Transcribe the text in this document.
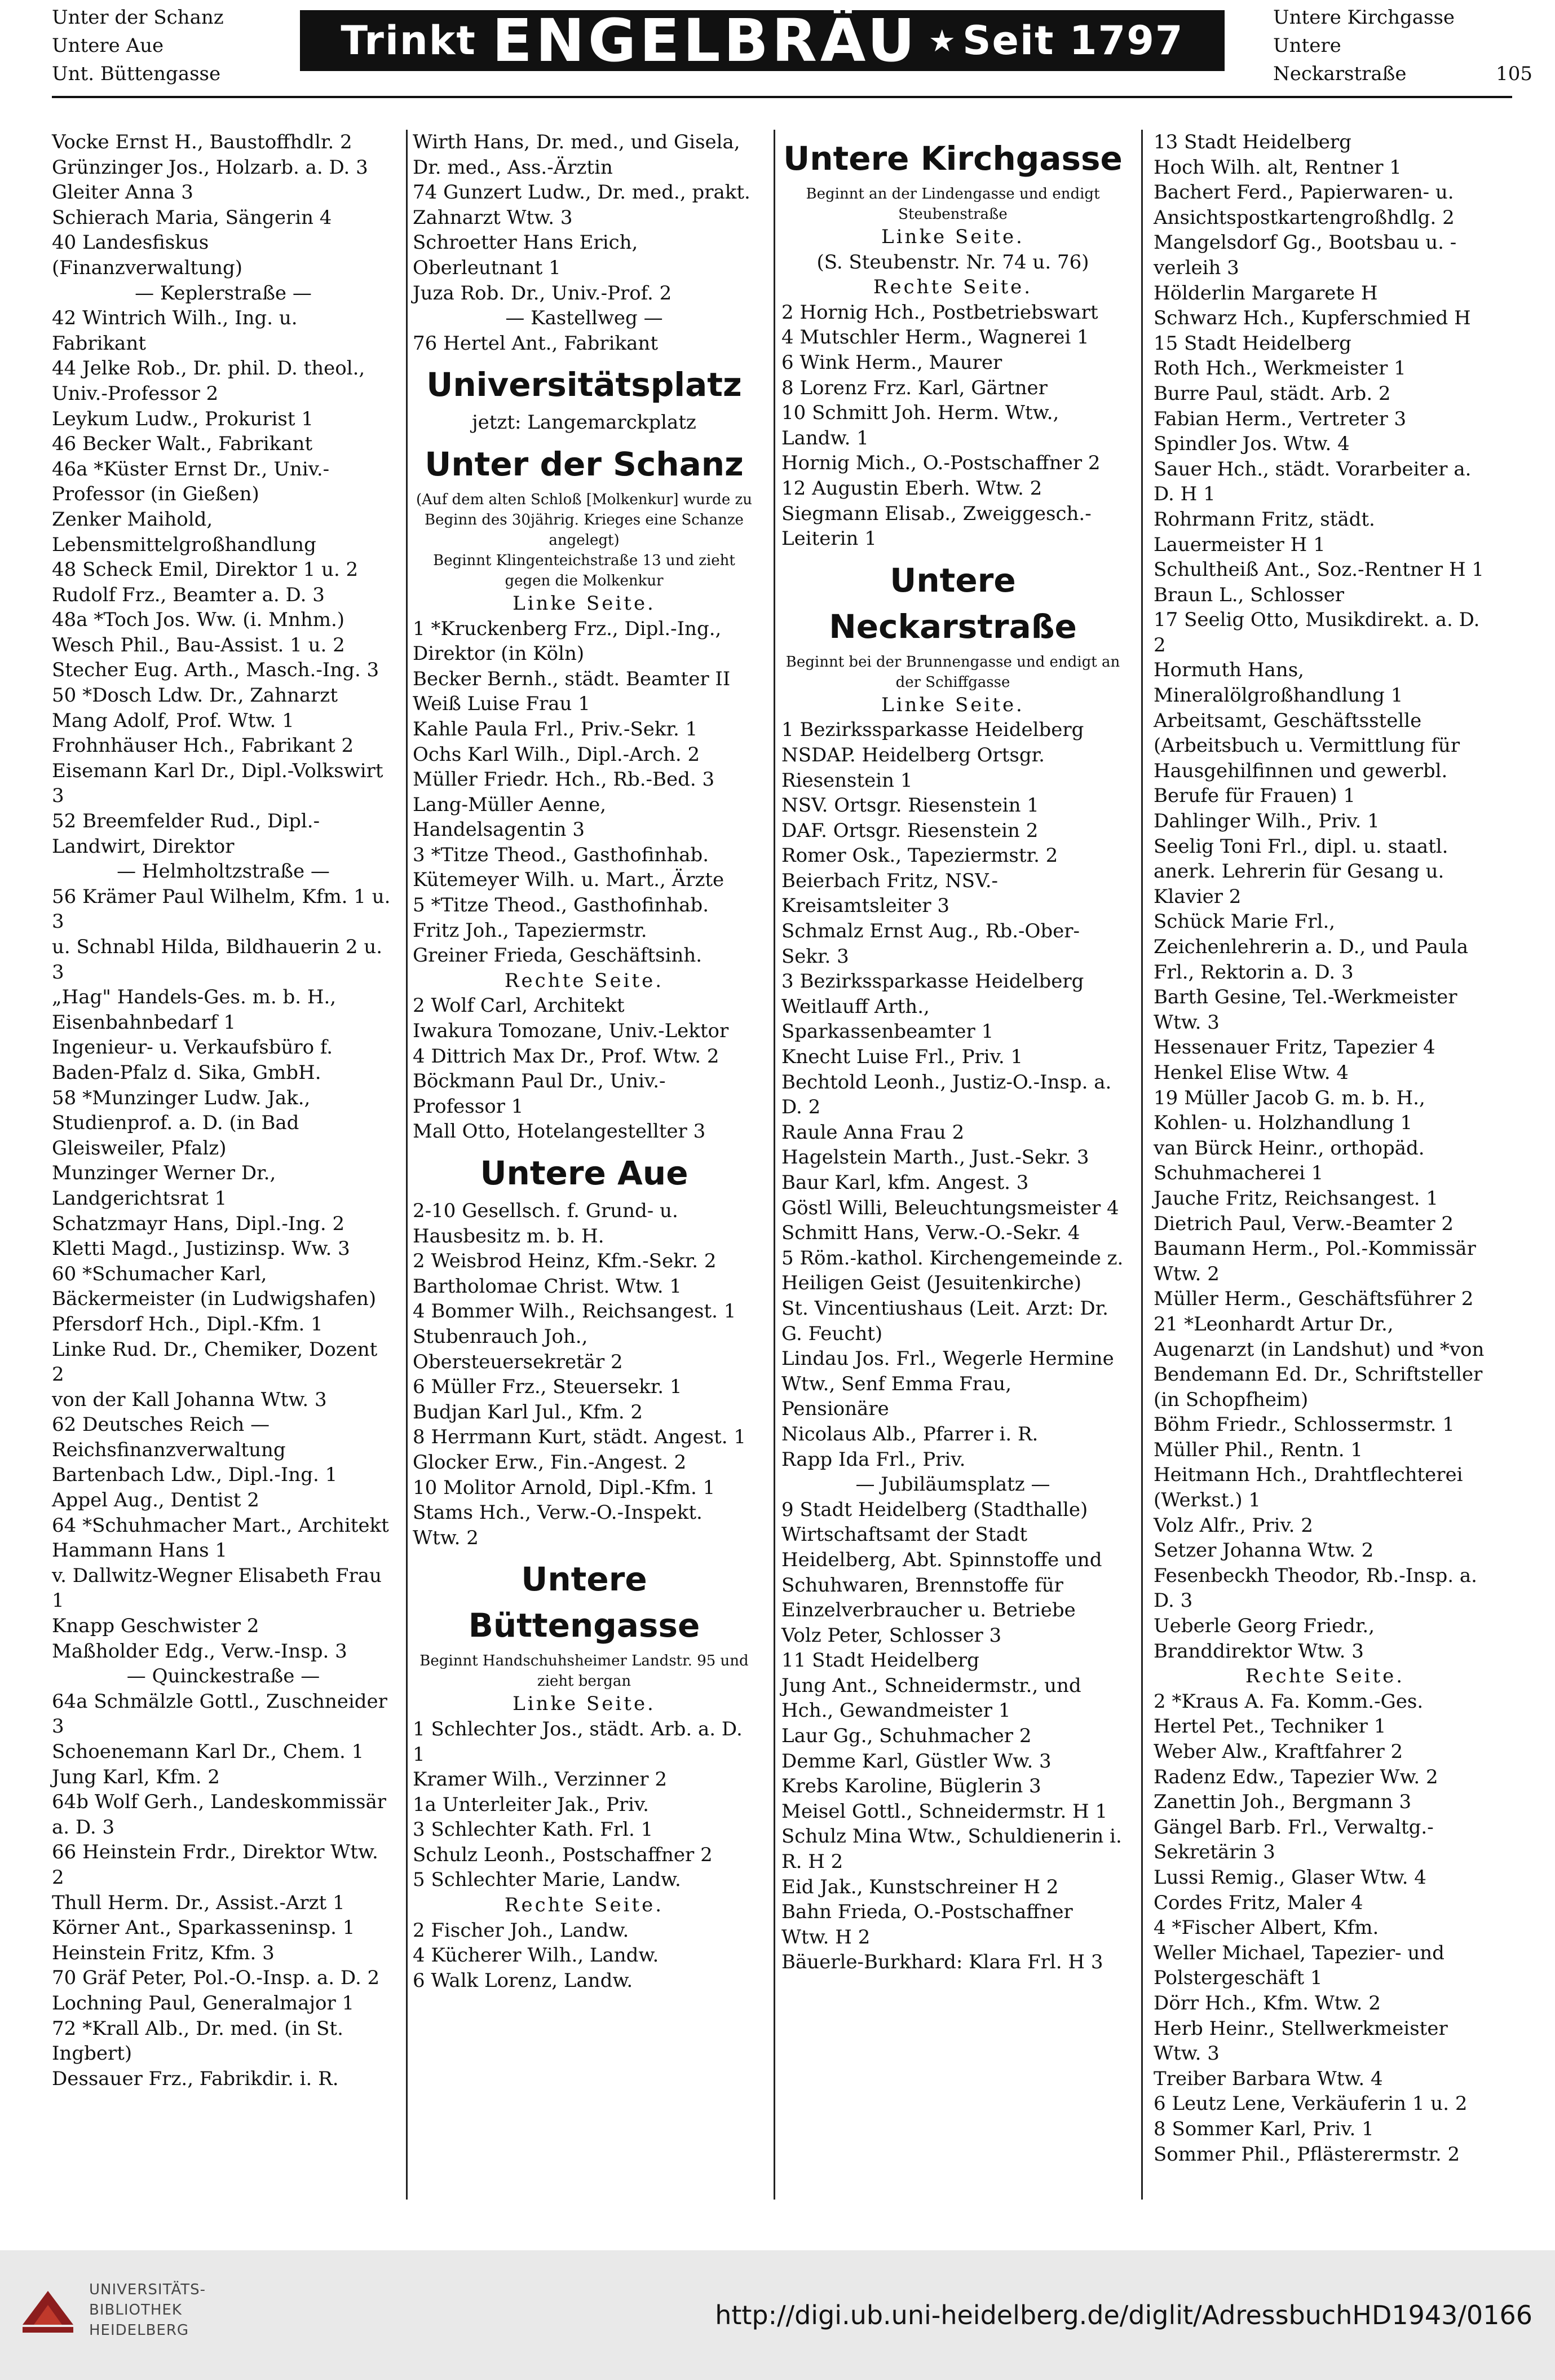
Unter der Schanz
Untere Aue
Unt. Büttengasse
Trinkt ENGELBRÄU ★ Seit 1797	Untere Kirchgasse
Untere
Neckarstraße	105
Vocke Ernst H., Baustoffhdlr. 2
Grünzinger Jos., Holzarb. a. D. 3
Gleiter Anna 3
Schierach Maria, Sängerin 4
40 Landesfiskus (Finanzverwaltung)
— Keplerstraße —
42 Wintrich Wilh., Ing. u. Fabrikant
44 Jelke Rob., Dr. phil. D. theol., Univ.-Professor 2
Leykum Ludw., Prokurist 1
46 Becker Walt., Fabrikant
46a *Küster Ernst Dr., Univ.-Professor (in Gießen)
Zenker Maihold, Lebensmittelgroßhandlung
48 Scheck Emil, Direktor 1 u. 2
Rudolf Frz., Beamter a. D. 3
48a *Toch Jos. Ww. (i. Mnhm.)
Wesch Phil., Bau-Assist. 1 u. 2
Stecher Eug. Arth., Masch.-Ing. 3
50 *Dosch Ldw. Dr., Zahnarzt
Mang Adolf, Prof. Wtw. 1
Frohnhäuser Hch., Fabrikant 2
Eisemann Karl Dr., Dipl.-Volkswirt 3
52 Breemfelder Rud., Dipl.-Landwirt, Direktor
— Helmholtzstraße —
56 Krämer Paul Wilhelm, Kfm. 1 u. 3
u. Schnabl Hilda, Bildhauerin 2 u. 3
„Hag" Handels-Ges. m. b. H., Eisenbahnbedarf 1
Ingenieur- u. Verkaufsbüro f. Baden-Pfalz d. Sika, GmbH.
58 *Munzinger Ludw. Jak., Studienprof. a. D. (in Bad Gleisweiler, Pfalz)
Munzinger Werner Dr., Landgerichtsrat 1
Schatzmayr Hans, Dipl.-Ing. 2
Kletti Magd., Justizinsp. Ww. 3
60 *Schumacher Karl, Bäckermeister (in Ludwigshafen)
Pfersdorf Hch., Dipl.-Kfm. 1
Linke Rud. Dr., Chemiker, Dozent 2
von der Kall Johanna Wtw. 3
62 Deutsches Reich — Reichsfinanzverwaltung
Bartenbach Ldw., Dipl.-Ing. 1
Appel Aug., Dentist 2
64 *Schuhmacher Mart., Architekt
Hammann Hans 1
v. Dallwitz-Wegner Elisabeth Frau 1
Knapp Geschwister 2
Maßholder Edg., Verw.-Insp. 3
— Quinckestraße —
64a Schmälzle Gottl., Zuschneider 3
Schoenemann Karl Dr., Chem. 1
Jung Karl, Kfm. 2
64b Wolf Gerh., Landeskommissär a. D. 3
66 Heinstein Frdr., Direktor Wtw. 2
Thull Herm. Dr., Assist.-Arzt 1
Körner Ant., Sparkasseninsp. 1
Heinstein Fritz, Kfm. 3
70 Gräf Peter, Pol.-O.-Insp. a. D. 2
Lochning Paul, Generalmajor 1
72 *Krall Alb., Dr. med. (in St. Ingbert)
Dessauer Frz., Fabrikdir. i. R.
Wirth Hans, Dr. med., und Gisela, Dr. med., Ass.-Ärztin
74 Gunzert Ludw., Dr. med., prakt. Zahnarzt Wtw. 3
Schroetter Hans Erich, Oberleutnant 1
Juza Rob. Dr., Univ.-Prof. 2
— Kastellweg —
76 Hertel Ant., Fabrikant
Universitätsplatz
jetzt: Langemarckplatz
Unter der Schanz
(Auf dem alten Schloß [Molkenkur] wurde zu Beginn des 30jährig. Krieges eine Schanze angelegt)
Beginnt Klingenteichstraße 13 und zieht gegen die Molkenkur
Linke Seite.
1 *Kruckenberg Frz., Dipl.-Ing., Direktor (in Köln)
Becker Bernh., städt. Beamter II
Weiß Luise Frau 1
Kahle Paula Frl., Priv.-Sekr. 1
Ochs Karl Wilh., Dipl.-Arch. 2
Müller Friedr. Hch., Rb.-Bed. 3
Lang-Müller Aenne, Handelsagentin 3
3 *Titze Theod., Gasthofinhab.
Kütemeyer Wilh. u. Mart., Ärzte
5 *Titze Theod., Gasthofinhab.
Fritz Joh., Tapeziermstr.
Greiner Frieda, Geschäftsinh.
Rechte Seite.
2 Wolf Carl, Architekt
Iwakura Tomozane, Univ.-Lektor
4 Dittrich Max Dr., Prof. Wtw. 2
Böckmann Paul Dr., Univ.-Professor 1
Mall Otto, Hotelangestellter 3
Untere Aue
2-10 Gesellsch. f. Grund- u. Hausbesitz m. b. H.
2 Weisbrod Heinz, Kfm.-Sekr. 2
Bartholomae Christ. Wtw. 1
4 Bommer Wilh., Reichsangest. 1
Stubenrauch Joh., Obersteuersekretär 2
6 Müller Frz., Steuersekr. 1
Budjan Karl Jul., Kfm. 2
8 Herrmann Kurt, städt. Angest. 1
Glocker Erw., Fin.-Angest. 2
10 Molitor Arnold, Dipl.-Kfm. 1
Stams Hch., Verw.-O.-Inspekt. Wtw. 2
Untere Büttengasse
Beginnt Handschuhsheimer Landstr. 95 und zieht bergan
Linke Seite.
1 Schlechter Jos., städt. Arb. a. D. 1
Kramer Wilh., Verzinner 2
1a Unterleiter Jak., Priv.
3 Schlechter Kath. Frl. 1
Schulz Leonh., Postschaffner 2
5 Schlechter Marie, Landw.
Rechte Seite.
2 Fischer Joh., Landw.
4 Kücherer Wilh., Landw.
6 Walk Lorenz, Landw.
Untere Kirchgasse
Beginnt an der Lindengasse und endigt Steubenstraße
Linke Seite.
(S. Steubenstr. Nr. 74 u. 76)
Rechte Seite.
2 Hornig Hch., Postbetriebswart
4 Mutschler Herm., Wagnerei 1
6 Wink Herm., Maurer
8 Lorenz Frz. Karl, Gärtner
10 Schmitt Joh. Herm. Wtw., Landw. 1
Hornig Mich., O.-Postschaffner 2
12 Augustin Eberh. Wtw. 2
Siegmann Elisab., Zweiggesch.-Leiterin 1
Untere Neckarstraße
Beginnt bei der Brunnengasse und endigt an der Schiffgasse
Linke Seite.
1 Bezirkssparkasse Heidelberg
NSDAP. Heidelberg Ortsgr. Riesenstein 1
NSV. Ortsgr. Riesenstein 1
DAF. Ortsgr. Riesenstein 2
Romer Osk., Tapeziermstr. 2
Beierbach Fritz, NSV.-Kreisamtsleiter 3
Schmalz Ernst Aug., Rb.-Ober-Sekr. 3
3 Bezirkssparkasse Heidelberg
Weitlauff Arth., Sparkassenbeamter 1
Knecht Luise Frl., Priv. 1
Bechtold Leonh., Justiz-O.-Insp. a. D. 2
Raule Anna Frau 2
Hagelstein Marth., Just.-Sekr. 3
Baur Karl, kfm. Angest. 3
Göstl Willi, Beleuchtungsmeister 4
Schmitt Hans, Verw.-O.-Sekr. 4
5 Röm.-kathol. Kirchengemeinde z. Heiligen Geist (Jesuitenkirche)
St. Vincentiushaus (Leit. Arzt: Dr. G. Feucht)
Lindau Jos. Frl., Wegerle Hermine Wtw., Senf Emma Frau, Pensionäre
Nicolaus Alb., Pfarrer i. R.
Rapp Ida Frl., Priv.
— Jubiläumsplatz —
9 Stadt Heidelberg (Stadthalle)
Wirtschaftsamt der Stadt Heidelberg, Abt. Spinnstoffe und Schuhwaren, Brennstoffe für Einzelverbraucher u. Betriebe
Volz Peter, Schlosser 3
11 Stadt Heidelberg
Jung Ant., Schneidermstr., und Hch., Gewandmeister 1
Laur Gg., Schuhmacher 2
Demme Karl, Güstler Ww. 3
Krebs Karoline, Büglerin 3
Meisel Gottl., Schneidermstr. H 1
Schulz Mina Wtw., Schuldienerin i. R. H 2
Eid Jak., Kunstschreiner H 2
Bahn Frieda, O.-Postschaffner Wtw. H 2
Bäuerle-Burkhard: Klara Frl. H 3
13 Stadt Heidelberg
Hoch Wilh. alt, Rentner 1
Bachert Ferd., Papierwaren- u. Ansichtspostkartengroßhdlg. 2
Mangelsdorf Gg., Bootsbau u. -verleih 3
Hölderlin Margarete H
Schwarz Hch., Kupferschmied H
15 Stadt Heidelberg
Roth Hch., Werkmeister 1
Burre Paul, städt. Arb. 2
Fabian Herm., Vertreter 3
Spindler Jos. Wtw. 4
Sauer Hch., städt. Vorarbeiter a. D. H 1
Rohrmann Fritz, städt. Lauermeister H 1
Schultheiß Ant., Soz.-Rentner H 1
Braun L., Schlosser
17 Seelig Otto, Musikdirekt. a. D. 2
Hormuth Hans, Mineralölgroßhandlung 1
Arbeitsamt, Geschäftsstelle (Arbeitsbuch u. Vermittlung für Hausgehilfinnen und gewerbl. Berufe für Frauen) 1
Dahlinger Wilh., Priv. 1
Seelig Toni Frl., dipl. u. staatl. anerk. Lehrerin für Gesang u. Klavier 2
Schück Marie Frl., Zeichenlehrerin a. D., und Paula Frl., Rektorin a. D. 3
Barth Gesine, Tel.-Werkmeister Wtw. 3
Hessenauer Fritz, Tapezier 4
Henkel Elise Wtw. 4
19 Müller Jacob G. m. b. H., Kohlen- u. Holzhandlung 1
van Bürck Heinr., orthopäd. Schuhmacherei 1
Jauche Fritz, Reichsangest. 1
Dietrich Paul, Verw.-Beamter 2
Baumann Herm., Pol.-Kommissär Wtw. 2
Müller Herm., Geschäftsführer 2
21 *Leonhardt Artur Dr., Augenarzt (in Landshut) und *von Bendemann Ed. Dr., Schriftsteller (in Schopfheim)
Böhm Friedr., Schlossermstr. 1
Müller Phil., Rentn. 1
Heitmann Hch., Drahtflechterei (Werkst.) 1
Volz Alfr., Priv. 2
Setzer Johanna Wtw. 2
Fesenbeckh Theodor, Rb.-Insp. a. D. 3
Ueberle Georg Friedr., Branddirektor Wtw. 3
Rechte Seite.
2 *Kraus A. Fa. Komm.-Ges.
Hertel Pet., Techniker 1
Weber Alw., Kraftfahrer 2
Radenz Edw., Tapezier Ww. 2
Zanettin Joh., Bergmann 3
Gängel Barb. Frl., Verwaltg.-Sekretärin 3
Lussi Remig., Glaser Wtw. 4
Cordes Fritz, Maler 4
4 *Fischer Albert, Kfm.
Weller Michael, Tapezier- und Polstergeschäft 1
Dörr Hch., Kfm. Wtw. 2
Herb Heinr., Stellwerkmeister Wtw. 3
Treiber Barbara Wtw. 4
6 Leutz Lene, Verkäuferin 1 u. 2
8 Sommer Karl, Priv. 1
Sommer Phil., Pflästerermstr. 2
UNIVERSITÄTS-
BIBLIOTHEK
HEIDELBERG	http://digi.ub.uni-heidelberg.de/diglit/AdressbuchHD1943/0166
